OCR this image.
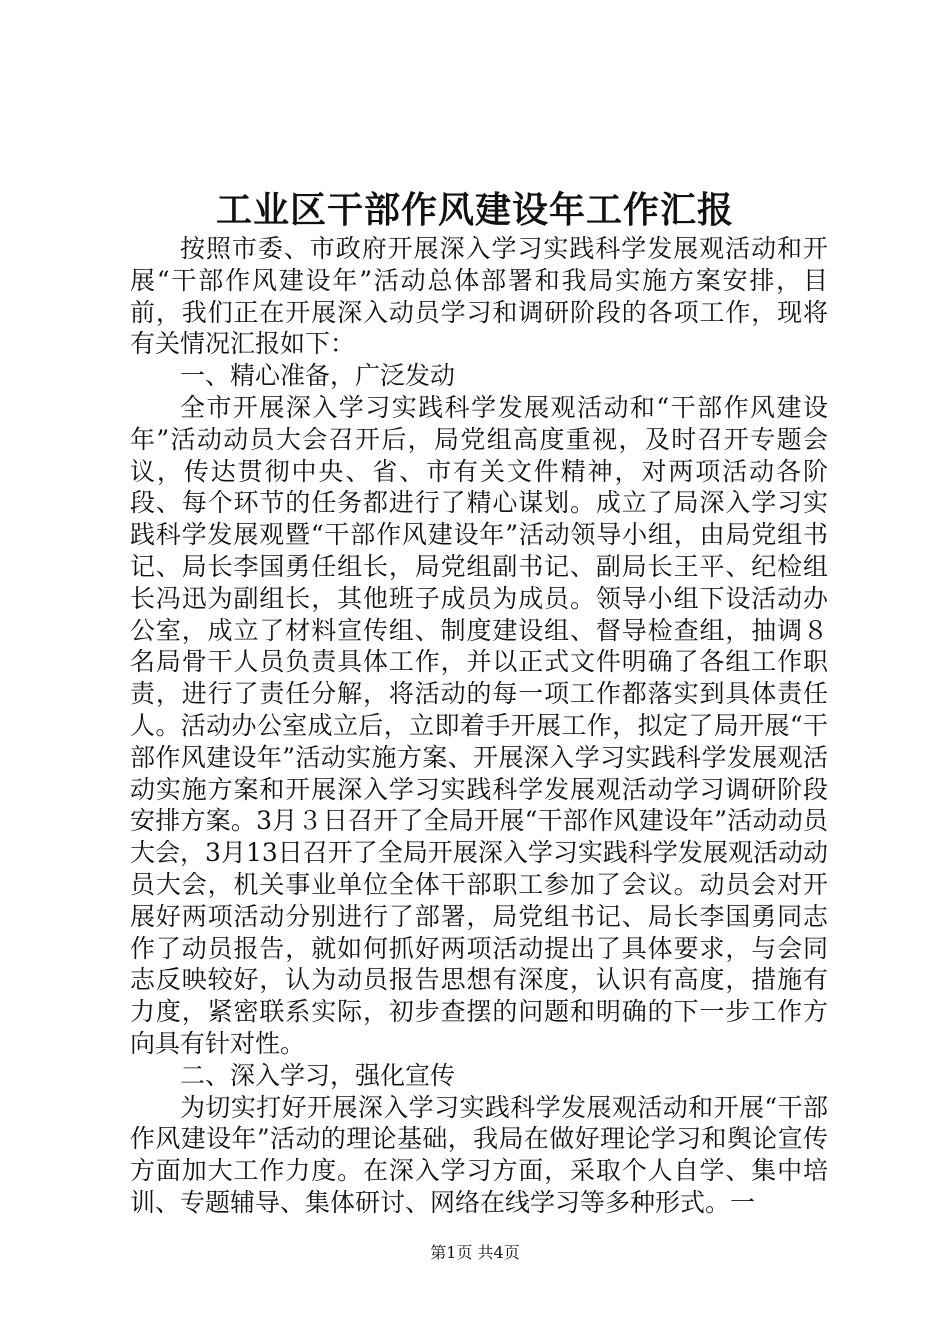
工业区干部作风建设年工作汇报

按照市委、市政府开展深入学习实践科学发展观活动和开展“干部作风建设年”活动总体部署和我局实施方案安排，目前，我们正在开展深入动员学习和调研阶段的各项工作，现将有关情况汇报如下：

一、精心准备，广泛发动

全市开展深入学习实践科学发展观活动和“干部作风建设年”活动动员大会召开后，局党组高度重视，及时召开专题会议，传达贯彻中央、省、市有关文件精神，对两项活动各阶段、每个环节的任务都进行了精心谋划。成立了局深入学习实践科学发展观暨“干部作风建设年”活动领导小组，由局党组书记、局长李国勇任组长，局党组副书记、副局长王平、纪检组长冯迅为副组长，其他班子成员为成员。领导小组下设活动办公室，成立了材料宣传组、制度建设组、督导检查组，抽调８名局骨干人员负责具体工作，并以正式文件明确了各组工作职责，进行了责任分解，将活动的每一项工作都落实到具体责任人。活动办公室成立后，立即着手开展工作，拟定了局开展“干部作风建设年”活动实施方案、开展深入学习实践科学发展观活动实施方案和开展深入学习实践科学发展观活动学习调研阶段安排方案。3月３日召开了全局开展“干部作风建设年”活动动员大会，3月13日召开了全局开展深入学习实践科学发展观活动动员大会，机关事业单位全体干部职工参加了会议。动员会对开展好两项活动分别进行了部署，局党组书记、局长李国勇同志作了动员报告，就如何抓好两项活动提出了具体要求，与会同志反映较好，认为动员报告思想有深度，认识有高度，措施有力度，紧密联系实际，初步查摆的问题和明确的下一步工作方向具有针对性。

二、深入学习，强化宣传

为切实打好开展深入学习实践科学发展观活动和开展“干部作风建设年”活动的理论基础，我局在做好理论学习和舆论宣传方面加大工作力度。在深入学习方面，采取个人自学、集中培训、专题辅导、集体研讨、网络在线学习等多种形式。一

第1页 共4页
